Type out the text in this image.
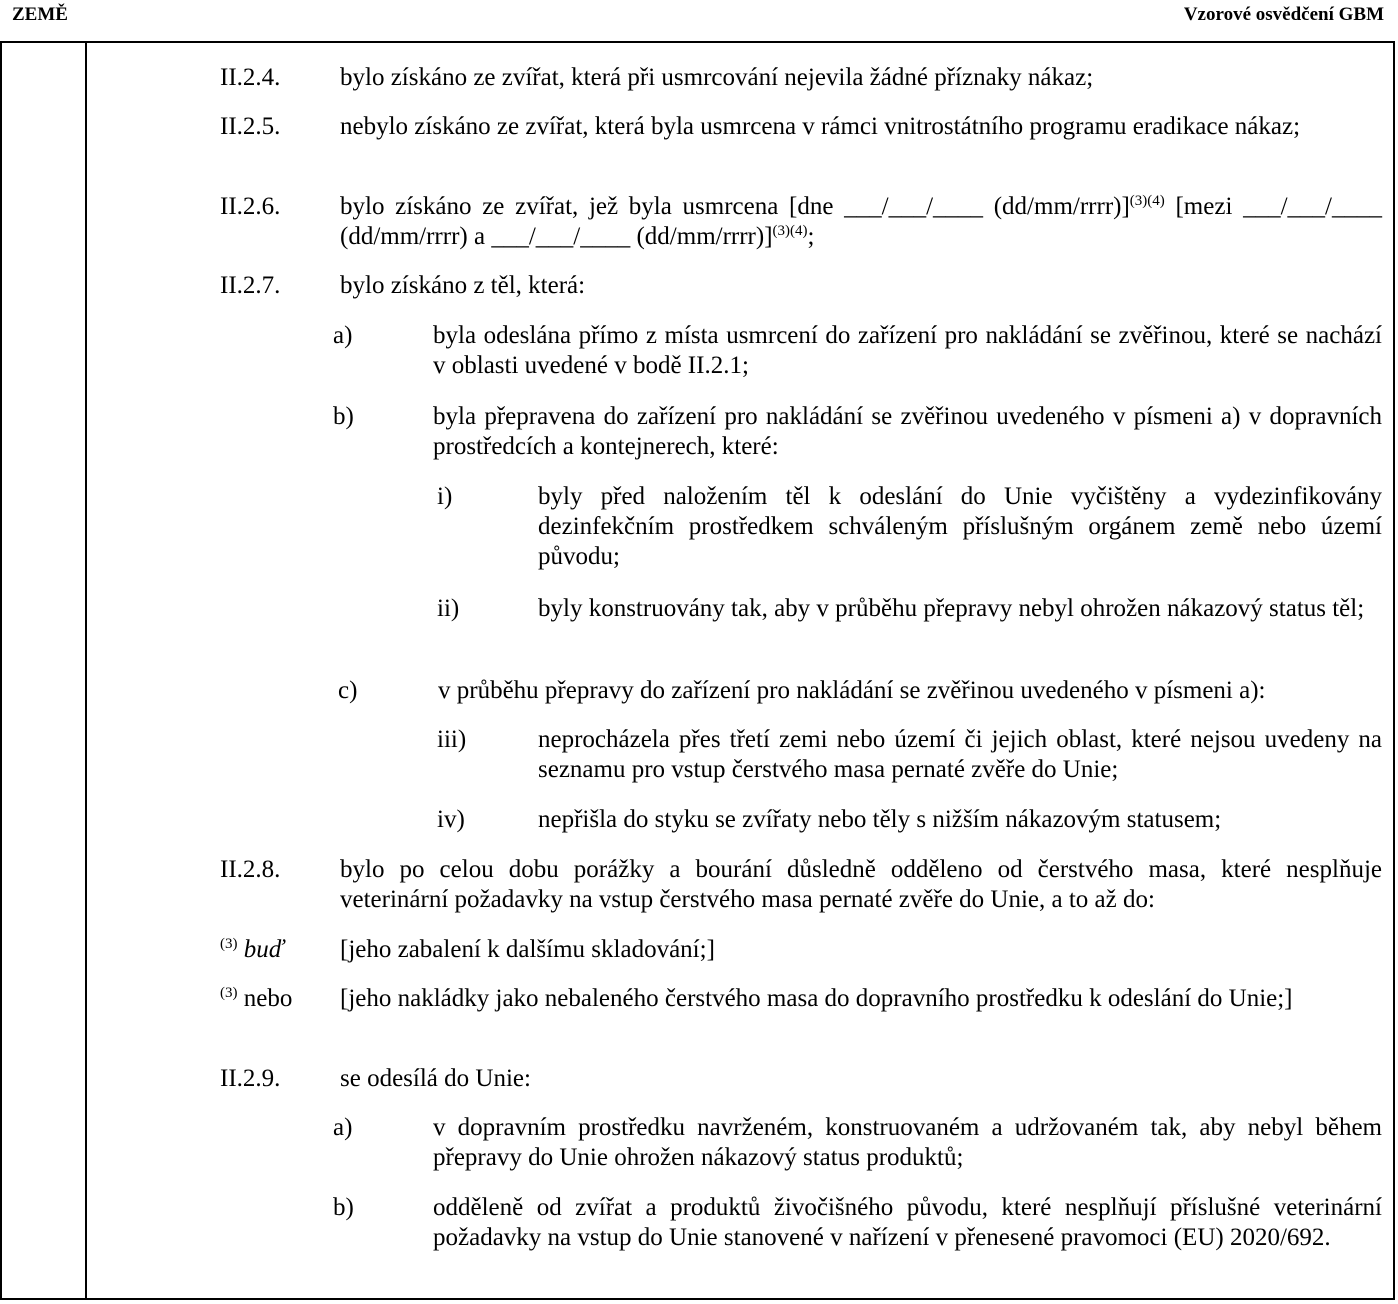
ZEMĚ	Vzorové osvědčení GBM
II.2.4. bylo získáno ze zvířat, která při usmrcování nejevila žádné příznaky nákaz;
II.2.5. nebylo získáno ze zvířat, která byla usmrcena v rámci vnitrostátního programu eradikace nákaz;
II.2.6. bylo získáno ze zvířat, jež byla usmrcena [dne ___/___/____ (dd/mm/rrrr)]$^{(3)(4)}$ [mezi ___/___/____ (dd/mm/rrrr) a ___/___/____ (dd/mm/rrrr)]$^{(3)(4)}$;
II.2.7. bylo získáno z těl, která:
a)	byla odeslána přímo z místa usmrcení do zařízení pro nakládání se zvěřinou, které se nachází v oblasti uvedené v bodě II.2.1;
b)	byla přepravena do zařízení pro nakládání se zvěřinou uvedeného v písmeni a) v dopravních prostředcích a kontejnerech, které:
i)	byly před naložením těl k odeslání do Unie vyčištěny a vydezinfikovány dezinfekčním prostředkem schváleným příslušným orgánem země nebo území původu;
ii)	byly konstruovány tak, aby v průběhu přepravy nebyl ohrožen nákazový status těl;
c)	v průběhu přepravy do zařízení pro nakládání se zvěřinou uvedeného v písmeni a):
iii)	neprocházela přes třetí zemi nebo území či jejich oblast, které nejsou uvedeny na seznamu pro vstup čerstvého masa pernaté zvěře do Unie;
iv)	nepřišla do styku se zvířaty nebo těly s nižším nákazovým statusem;
II.2.8. bylo po celou dobu porážky a bourání důsledně odděleno od čerstvého masa, které nesplňuje veterinární požadavky na vstup čerstvého masa pernaté zvěře do Unie, a to až do:
$^{(3)}$ buď [jeho zabalení k dalšímu skladování;]
$^{(3)}$ nebo [jeho nakládky jako nebaleného čerstvého masa do dopravního prostředku k odeslání do Unie;]
II.2.9. se odesílá do Unie:
a)	v dopravním prostředku navrženém, konstruovaném a udržovaném tak, aby nebyl během přepravy do Unie ohrožen nákazový status produktů;
b)	odděleně od zvířat a produktů živočišného původu, které nesplňují příslušné veterinární požadavky na vstup do Unie stanovené v nařízení v přenesené pravomoci (EU) 2020/692.
